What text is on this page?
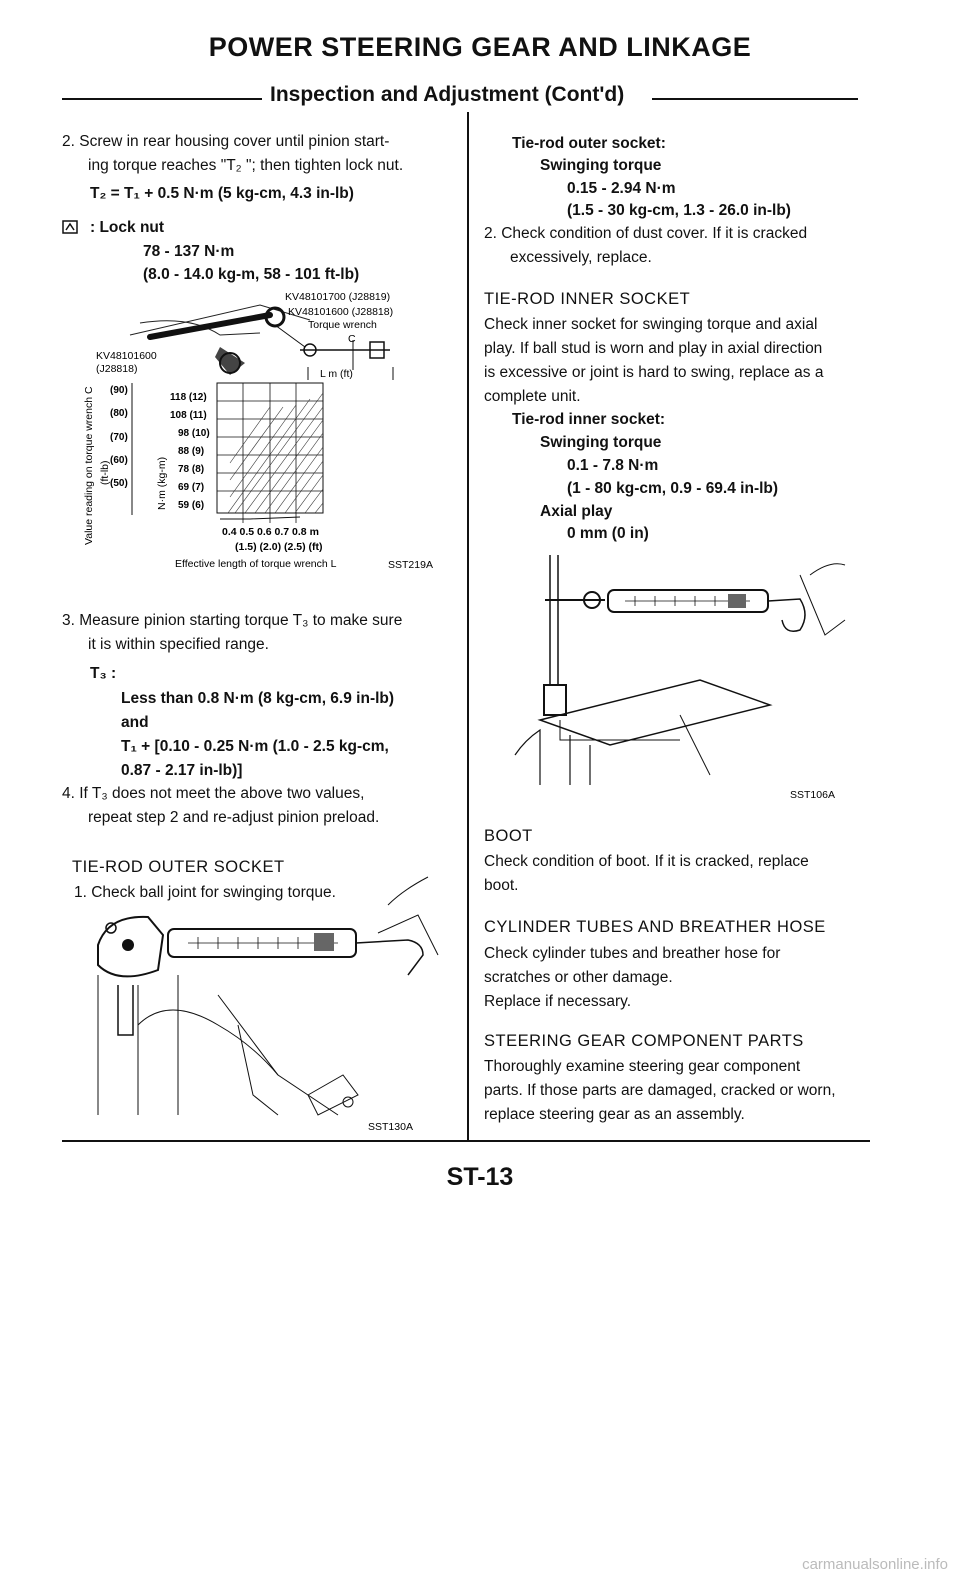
POWER STEERING GEAR AND LINKAGE
Inspection and Adjustment (Cont'd)
2. Screw in rear housing cover until pinion start-
ing torque reaches "T₂ "; then tighten lock nut.
T₂ = T₁ + 0.5 N·m (5 kg-cm, 4.3 in-lb)
: Lock nut
78 - 137 N·m
(8.0 - 14.0 kg-m, 58 - 101 ft-lb)
KV48101700 (J28819)
KV48101600 (J28818)
Torque wrench
C
KV48101600
(J28818)	L m (ft)
Value reading on torque wrench C (ft-lb)	N·m (kg-m)
(90)
(80)
(70)
(60)
(50)
118 (12)
108 (11)
98 (10)
88 (9)
78 (8)
69 (7)
59 (6)
0.4 0.5 0.6 0.7 0.8 m
(1.5) (2.0) (2.5) (ft)
Effective length of torque wrench L	SST219A
3. Measure pinion starting torque T₃ to make sure
it is within specified range.
T₃ :
Less than 0.8 N·m (8 kg-cm, 6.9 in-lb)
and
T₁ + [0.10 - 0.25 N·m (1.0 - 2.5 kg-cm,
0.87 - 2.17 in-lb)]
4. If T₃ does not meet the above two values,
repeat step 2 and re-adjust pinion preload.
TIE-ROD OUTER SOCKET
1. Check ball joint for swinging torque.
SST130A
Tie-rod outer socket:
Swinging torque
0.15 - 2.94 N·m
(1.5 - 30 kg-cm, 1.3 - 26.0 in-lb)
2. Check condition of dust cover. If it is cracked
excessively, replace.
TIE-ROD INNER SOCKET
Check inner socket for swinging torque and axial
play. If ball stud is worn and play in axial direction
is excessive or joint is hard to swing, replace as a
complete unit.
Tie-rod inner socket:
Swinging torque
0.1 - 7.8 N·m
(1 - 80 kg-cm, 0.9 - 69.4 in-lb)
Axial play
0 mm (0 in)
SST106A
BOOT
Check condition of boot. If it is cracked, replace
boot.
CYLINDER TUBES AND BREATHER HOSE
Check cylinder tubes and breather hose for
scratches or other damage.
Replace if necessary.
STEERING GEAR COMPONENT PARTS
Thoroughly examine steering gear component
parts. If those parts are damaged, cracked or worn,
replace steering gear as an assembly.
ST-13
carmanualsonline.info
